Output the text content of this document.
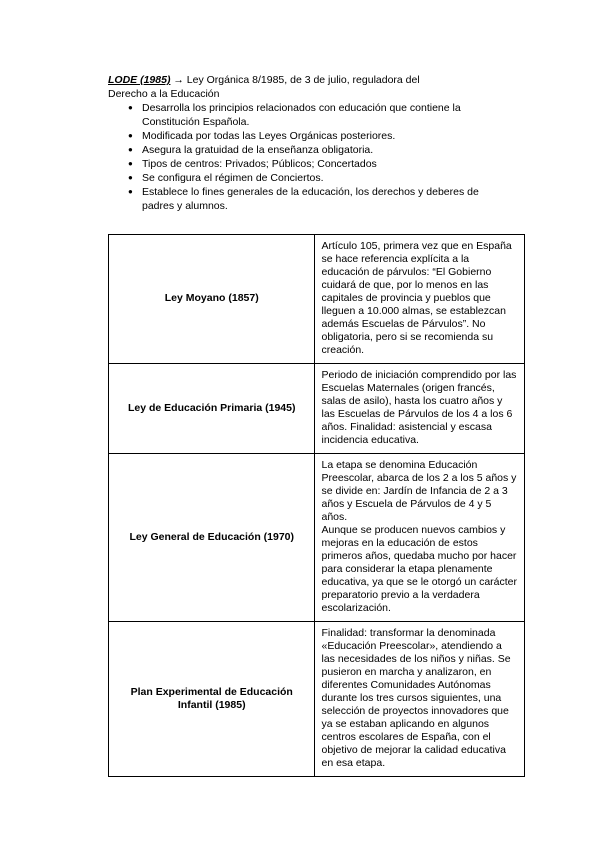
LODE (1985) → Ley Orgánica 8/1985, de 3 de julio, reguladora del
Derecho a la Educación
● Desarrolla los principios relacionados con educación que contiene la Constitución Española.
● Modificada por todas las Leyes Orgánicas posteriores.
● Asegura la gratuidad de la enseñanza obligatoria.
● Tipos de centros: Privados; Públicos; Concertados
● Se configura el régimen de Conciertos.
● Establece lo fines generales de la educación, los derechos y deberes de padres y alumnos.
Ley Moyano (1857)	Artículo 105, primera vez que en España se hace referencia explícita a la educación de párvulos: “El Gobierno cuidará de que, por lo menos en las capitales de provincia y pueblos que lleguen a 10.000 almas, se establezcan además Escuelas de Párvulos”. No obligatoria, pero si se recomienda su creación.

Ley de Educación Primaria (1945)	Periodo de iniciación comprendido por las Escuelas Maternales (origen francés, salas de asilo), hasta los cuatro años y las Escuelas de Párvulos de los 4 a los 6 años. Finalidad: asistencial y escasa incidencia educativa.

Ley General de Educación (1970)	La etapa se denomina Educación Preescolar, abarca de los 2 a los 5 años y se divide en: Jardín de Infancia de 2 a 3 años y Escuela de Párvulos de 4 y 5 años.
Aunque se producen nuevos cambios y mejoras en la educación de estos primeros años, quedaba mucho por hacer para considerar la etapa plenamente educativa, ya que se le otorgó un carácter preparatorio previo a la verdadera escolarización.

Plan Experimental de Educación Infantil (1985)	Finalidad: transformar la denominada «Educación Preescolar», atendiendo a las necesidades de los niños y niñas. Se pusieron en marcha y analizaron, en diferentes Comunidades Autónomas durante los tres cursos siguientes, una selección de proyectos innovadores que ya se estaban aplicando en algunos centros escolares de España, con el objetivo de mejorar la calidad educativa en esa etapa.
